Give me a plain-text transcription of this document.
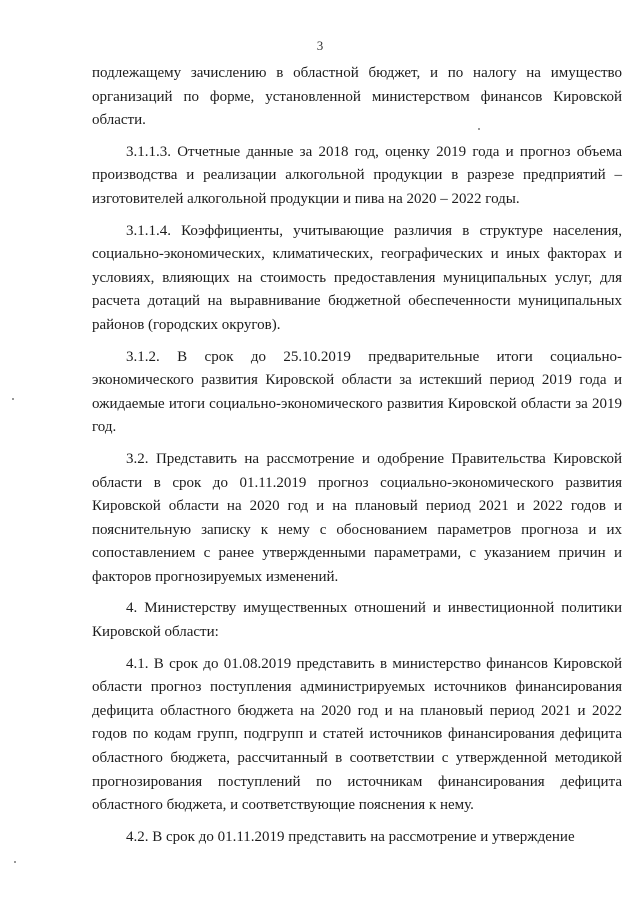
3

подлежащему зачислению в областной бюджет, и по налогу на имущество организаций по форме, установленной министерством финансов Кировской области.

3.1.1.3. Отчетные данные за 2018 год, оценку 2019 года и прогноз объема производства и реализации алкогольной продукции в разрезе предприятий – изготовителей алкогольной продукции и пива на 2020 – 2022 годы.

3.1.1.4. Коэффициенты, учитывающие различия в структуре населения, социально-экономических, климатических, географических и иных факторах и условиях, влияющих на стоимость предоставления муниципальных услуг, для расчета дотаций на выравнивание бюджетной обеспеченности муниципальных районов (городских округов).

3.1.2. В срок до 25.10.2019 предварительные итоги социально-экономического развития Кировской области за истекший период 2019 года и ожидаемые итоги социально-экономического развития Кировской области за 2019 год.

3.2. Представить на рассмотрение и одобрение Правительства Кировской области в срок до 01.11.2019 прогноз социально-экономического развития Кировской области на 2020 год и на плановый период 2021 и 2022 годов и пояснительную записку к нему с обоснованием параметров прогноза и их сопоставлением с ранее утвержденными параметрами, с указанием причин и факторов прогнозируемых изменений.

4. Министерству имущественных отношений и инвестиционной политики Кировской области:

4.1. В срок до 01.08.2019 представить в министерство финансов Кировской области прогноз поступления администрируемых источников финансирования дефицита областного бюджета на 2020 год и на плановый период 2021 и 2022 годов по кодам групп, подгрупп и статей источников финансирования дефицита областного бюджета, рассчитанный в соответствии с утвержденной методикой прогнозирования поступлений по источникам финансирования дефицита областного бюджета, и соответствующие пояснения к нему.

4.2. В срок до 01.11.2019 представить на рассмотрение и утверждение
